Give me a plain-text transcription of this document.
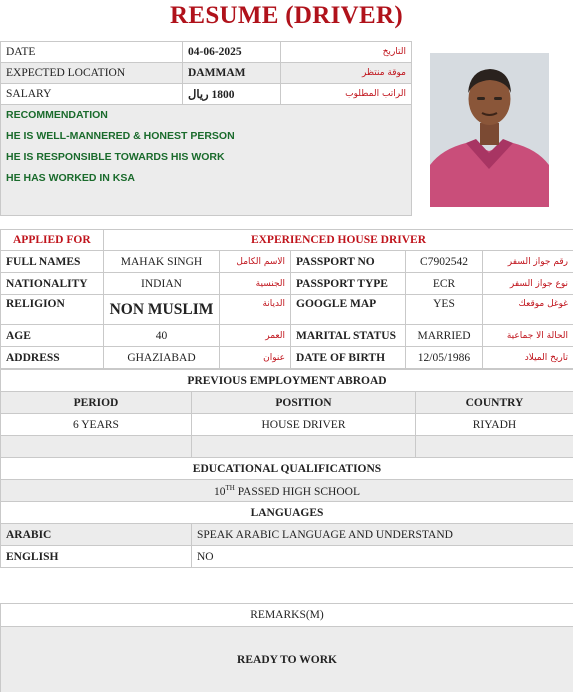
RESUME (DRIVER)
DATE	04-06-2025	التاريخ
EXPECTED LOCATION	DAMMAM	موقة منتظر
SALARY	1800 ريال	الراتب المطلوب

RECOMMENDATION
HE IS WELL-MANNERED & HONEST PERSON
HE IS RESPONSIBLE TOWARDS HIS WORK
HE HAS WORKED IN KSA		
APPLIED FOR	EXPERIENCED HOUSE DRIVER				
FULL NAMES	MAHAK SINGH	الاسم الكامل	PASSPORT NO	C7902542	رقم جواز السفر
NATIONALITY	INDIAN	الجنسية	PASSPORT TYPE	ECR	نوع جواز السفر
RELIGION	NON MUSLIM	الديانة	GOOGLE MAP	YES	غوغل موقعك
AGE	40	العمر	MARITAL STATUS	MARRIED	الحالة الا جماعية
ADDRESS	GHAZIABAD	عنوان	DATE OF BIRTH	12/05/1986	تاريخ الميلاد
PREVIOUS EMPLOYMENT ABROAD		
PERIOD	POSITION	COUNTRY
6 YEARS	HOUSE DRIVER	RIYADH

EDUCATIONAL QUALIFICATIONS		
10TH PASSED HIGH SCHOOL		
LANGUAGES		
ARABIC	SPEAK ARABIC LANGUAGE AND UNDERSTAND	
ENGLISH	NO	
REMARKS(M)
READY TO WORK
